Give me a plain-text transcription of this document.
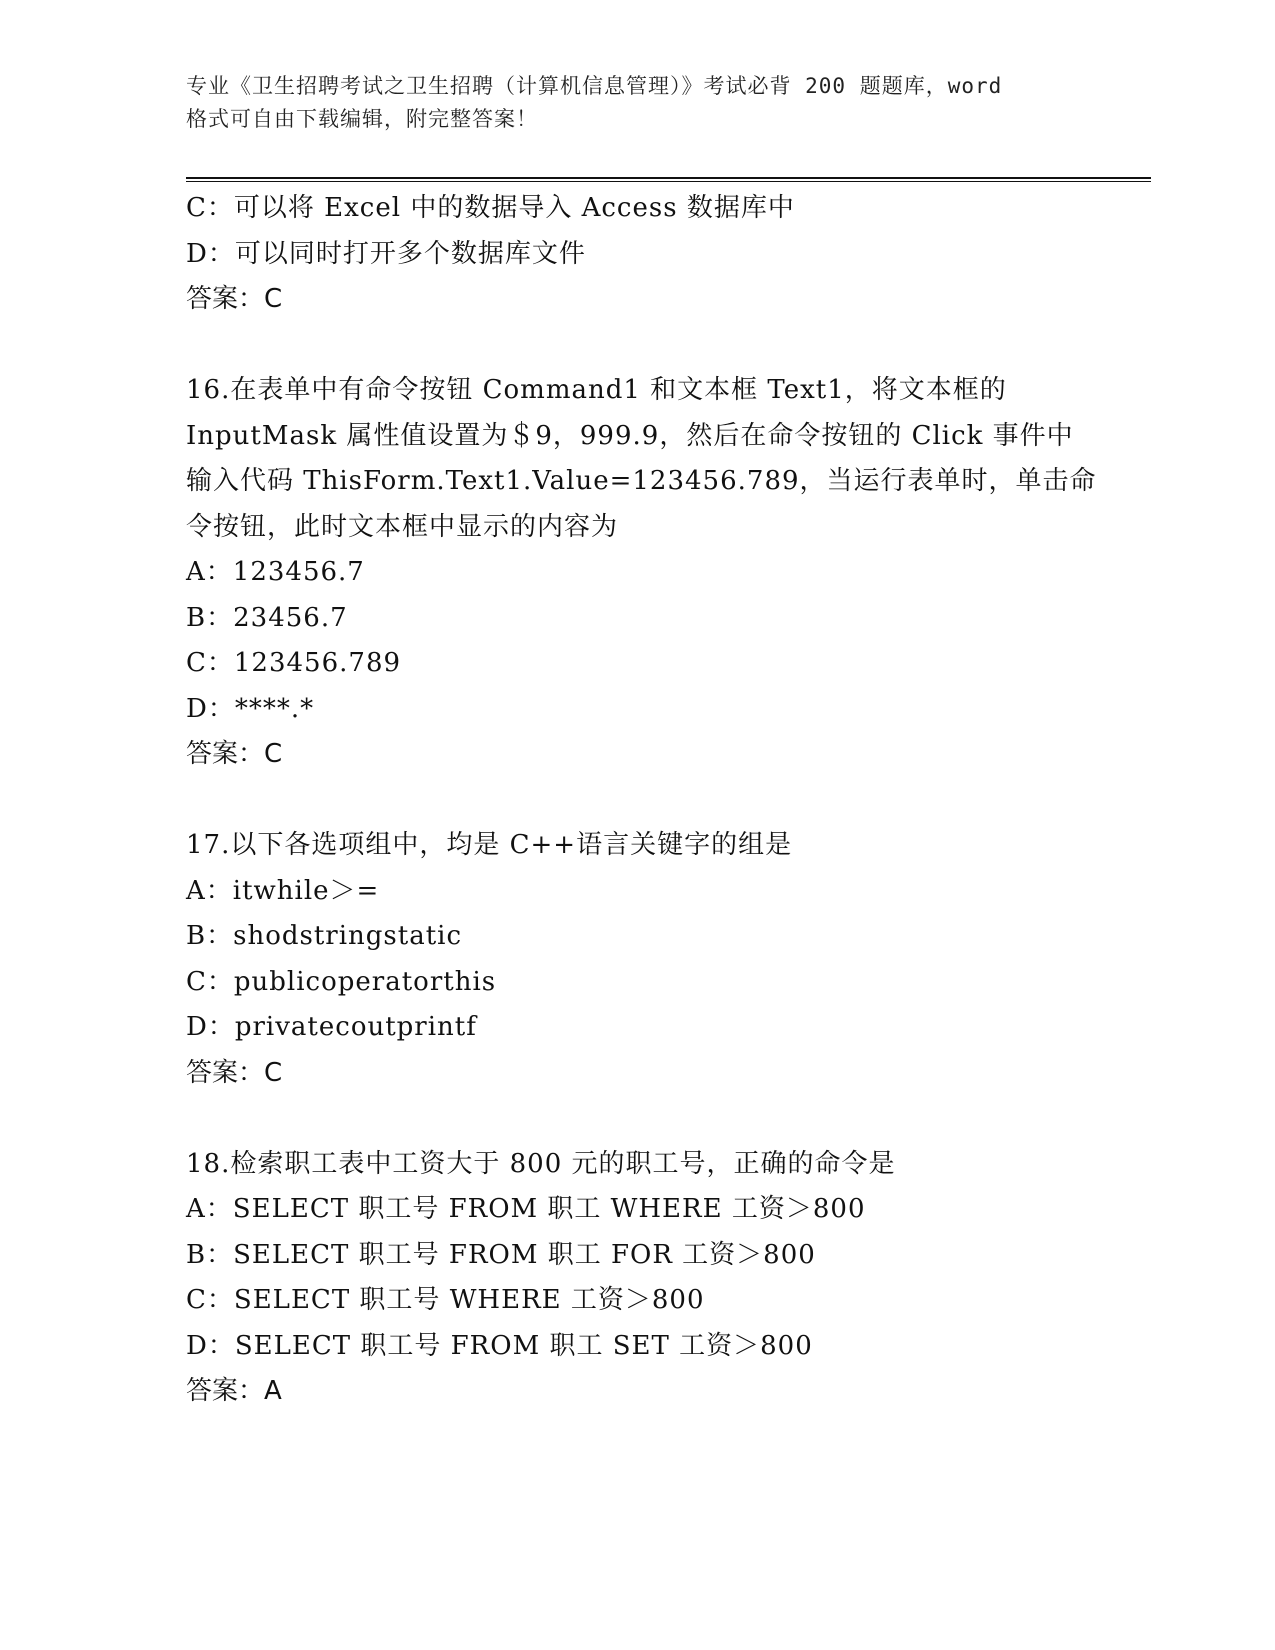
专业《卫生招聘考试之卫生招聘（计算机信息管理）》考试必背 200 题题库，word
格式可自由下载编辑，附完整答案！
C：可以将 Excel 中的数据导入 Access 数据库中
D：可以同时打开多个数据库文件
答案：C
16.在表单中有命令按钮 Command1 和文本框 Text1，将文本框的
InputMask 属性值设置为＄9，999.9，然后在命令按钮的 Click 事件中
输入代码 ThisForm.Text1.Value=123456.789，当运行表单时，单击命
令按钮，此时文本框中显示的内容为
A：123456.7
B：23456.7
C：123456.789
D：****.*
答案：C
17.以下各选项组中，均是 C++语言关键字的组是
A：itwhile＞=
B：shodstringstatic
C：publicoperatorthis
D：privatecoutprintf
答案：C
18.检索职工表中工资大于 800 元的职工号，正确的命令是
A：SELECT 职工号 FROM 职工 WHERE 工资＞800
B：SELECT 职工号 FROM 职工 FOR 工资＞800
C：SELECT 职工号 WHERE 工资＞800
D：SELECT 职工号 FROM 职工 SET 工资＞800
答案：A
